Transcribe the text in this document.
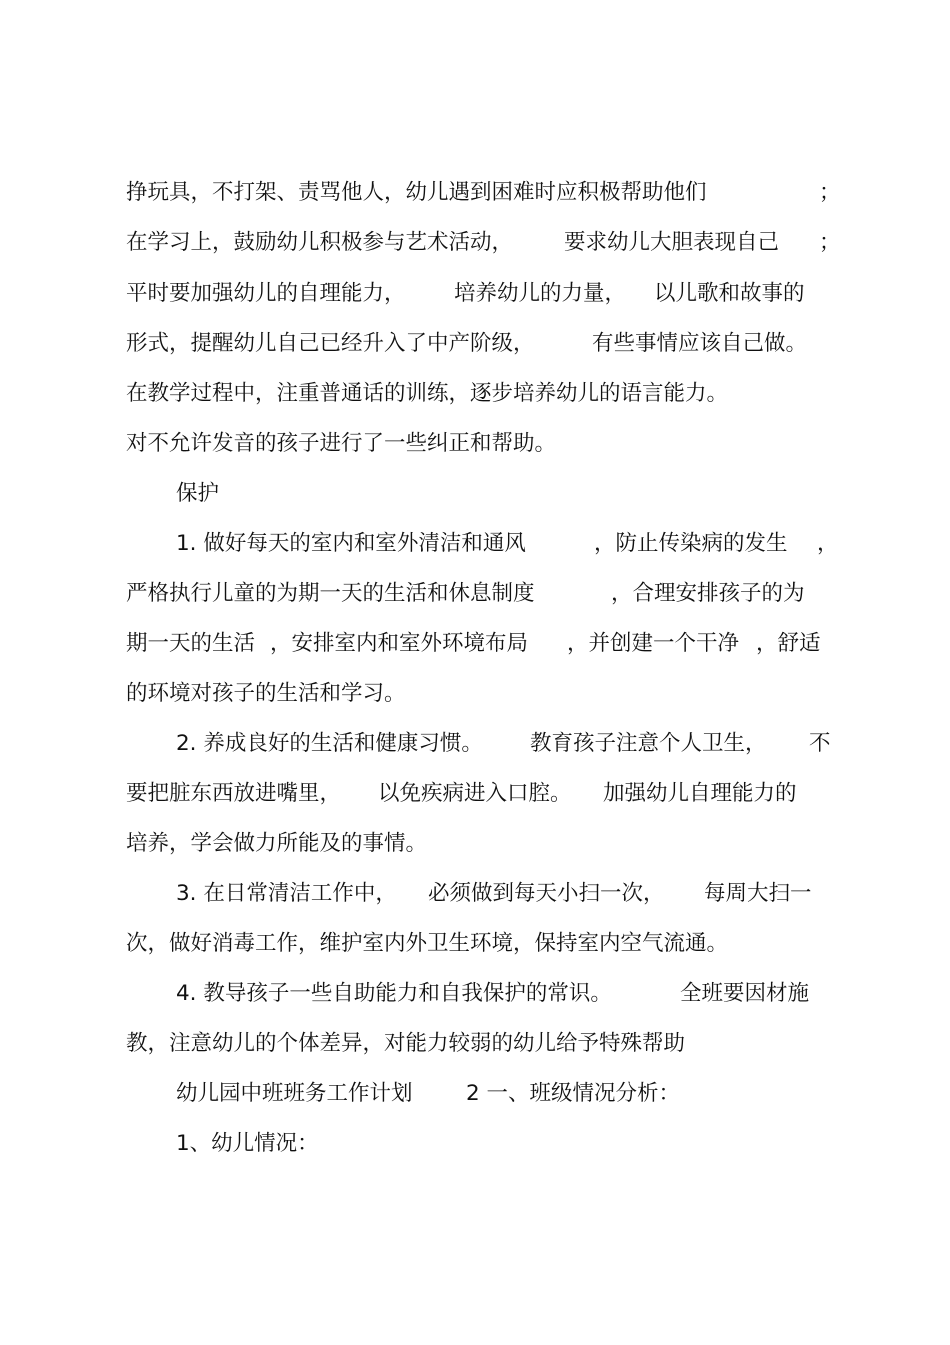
挣玩具，不打架、责骂他人，幼儿遇到困难时应积极帮助他们	；
在学习上，鼓励幼儿积极参与艺术活动， 要求幼儿大胆表现自己 ；
平时要加强幼儿的自理能力， 培养幼儿的力量， 以儿歌和故事的
形式，提醒幼儿自己已经升入了中产阶级，	有些事情应该自己做。
在教学过程中，注重普通话的训练，逐步培养幼儿的语言能力。
对不允许发音的孩子进行了一些纠正和帮助。
保护
1. 做好每天的室内和室外清洁和通风	，防止传染病的发生 ，
严格执行儿童的为期一天的生活和休息制度	，合理安排孩子的为
期一天的生活 ，安排室内和室外环境布局 ，并创建一个干净 ，舒适
的环境对孩子的生活和学习。
2. 养成良好的生活和健康习惯。 教育孩子注意个人卫生， 不
要把脏东西放进嘴里， 以免疾病进入口腔。 加强幼儿自理能力的
培养，学会做力所能及的事情。
3. 在日常清洁工作中， 必须做到每天小扫一次， 每周大扫一
次，做好消毒工作，维护室内外卫生环境，保持室内空气流通。
4. 教导孩子一些自助能力和自我保护的常识。	全班要因材施
教，注意幼儿的个体差异，对能力较弱的幼儿给予特殊帮助
幼儿园中班班务工作计划 2 一、班级情况分析：
1、幼儿情况：
